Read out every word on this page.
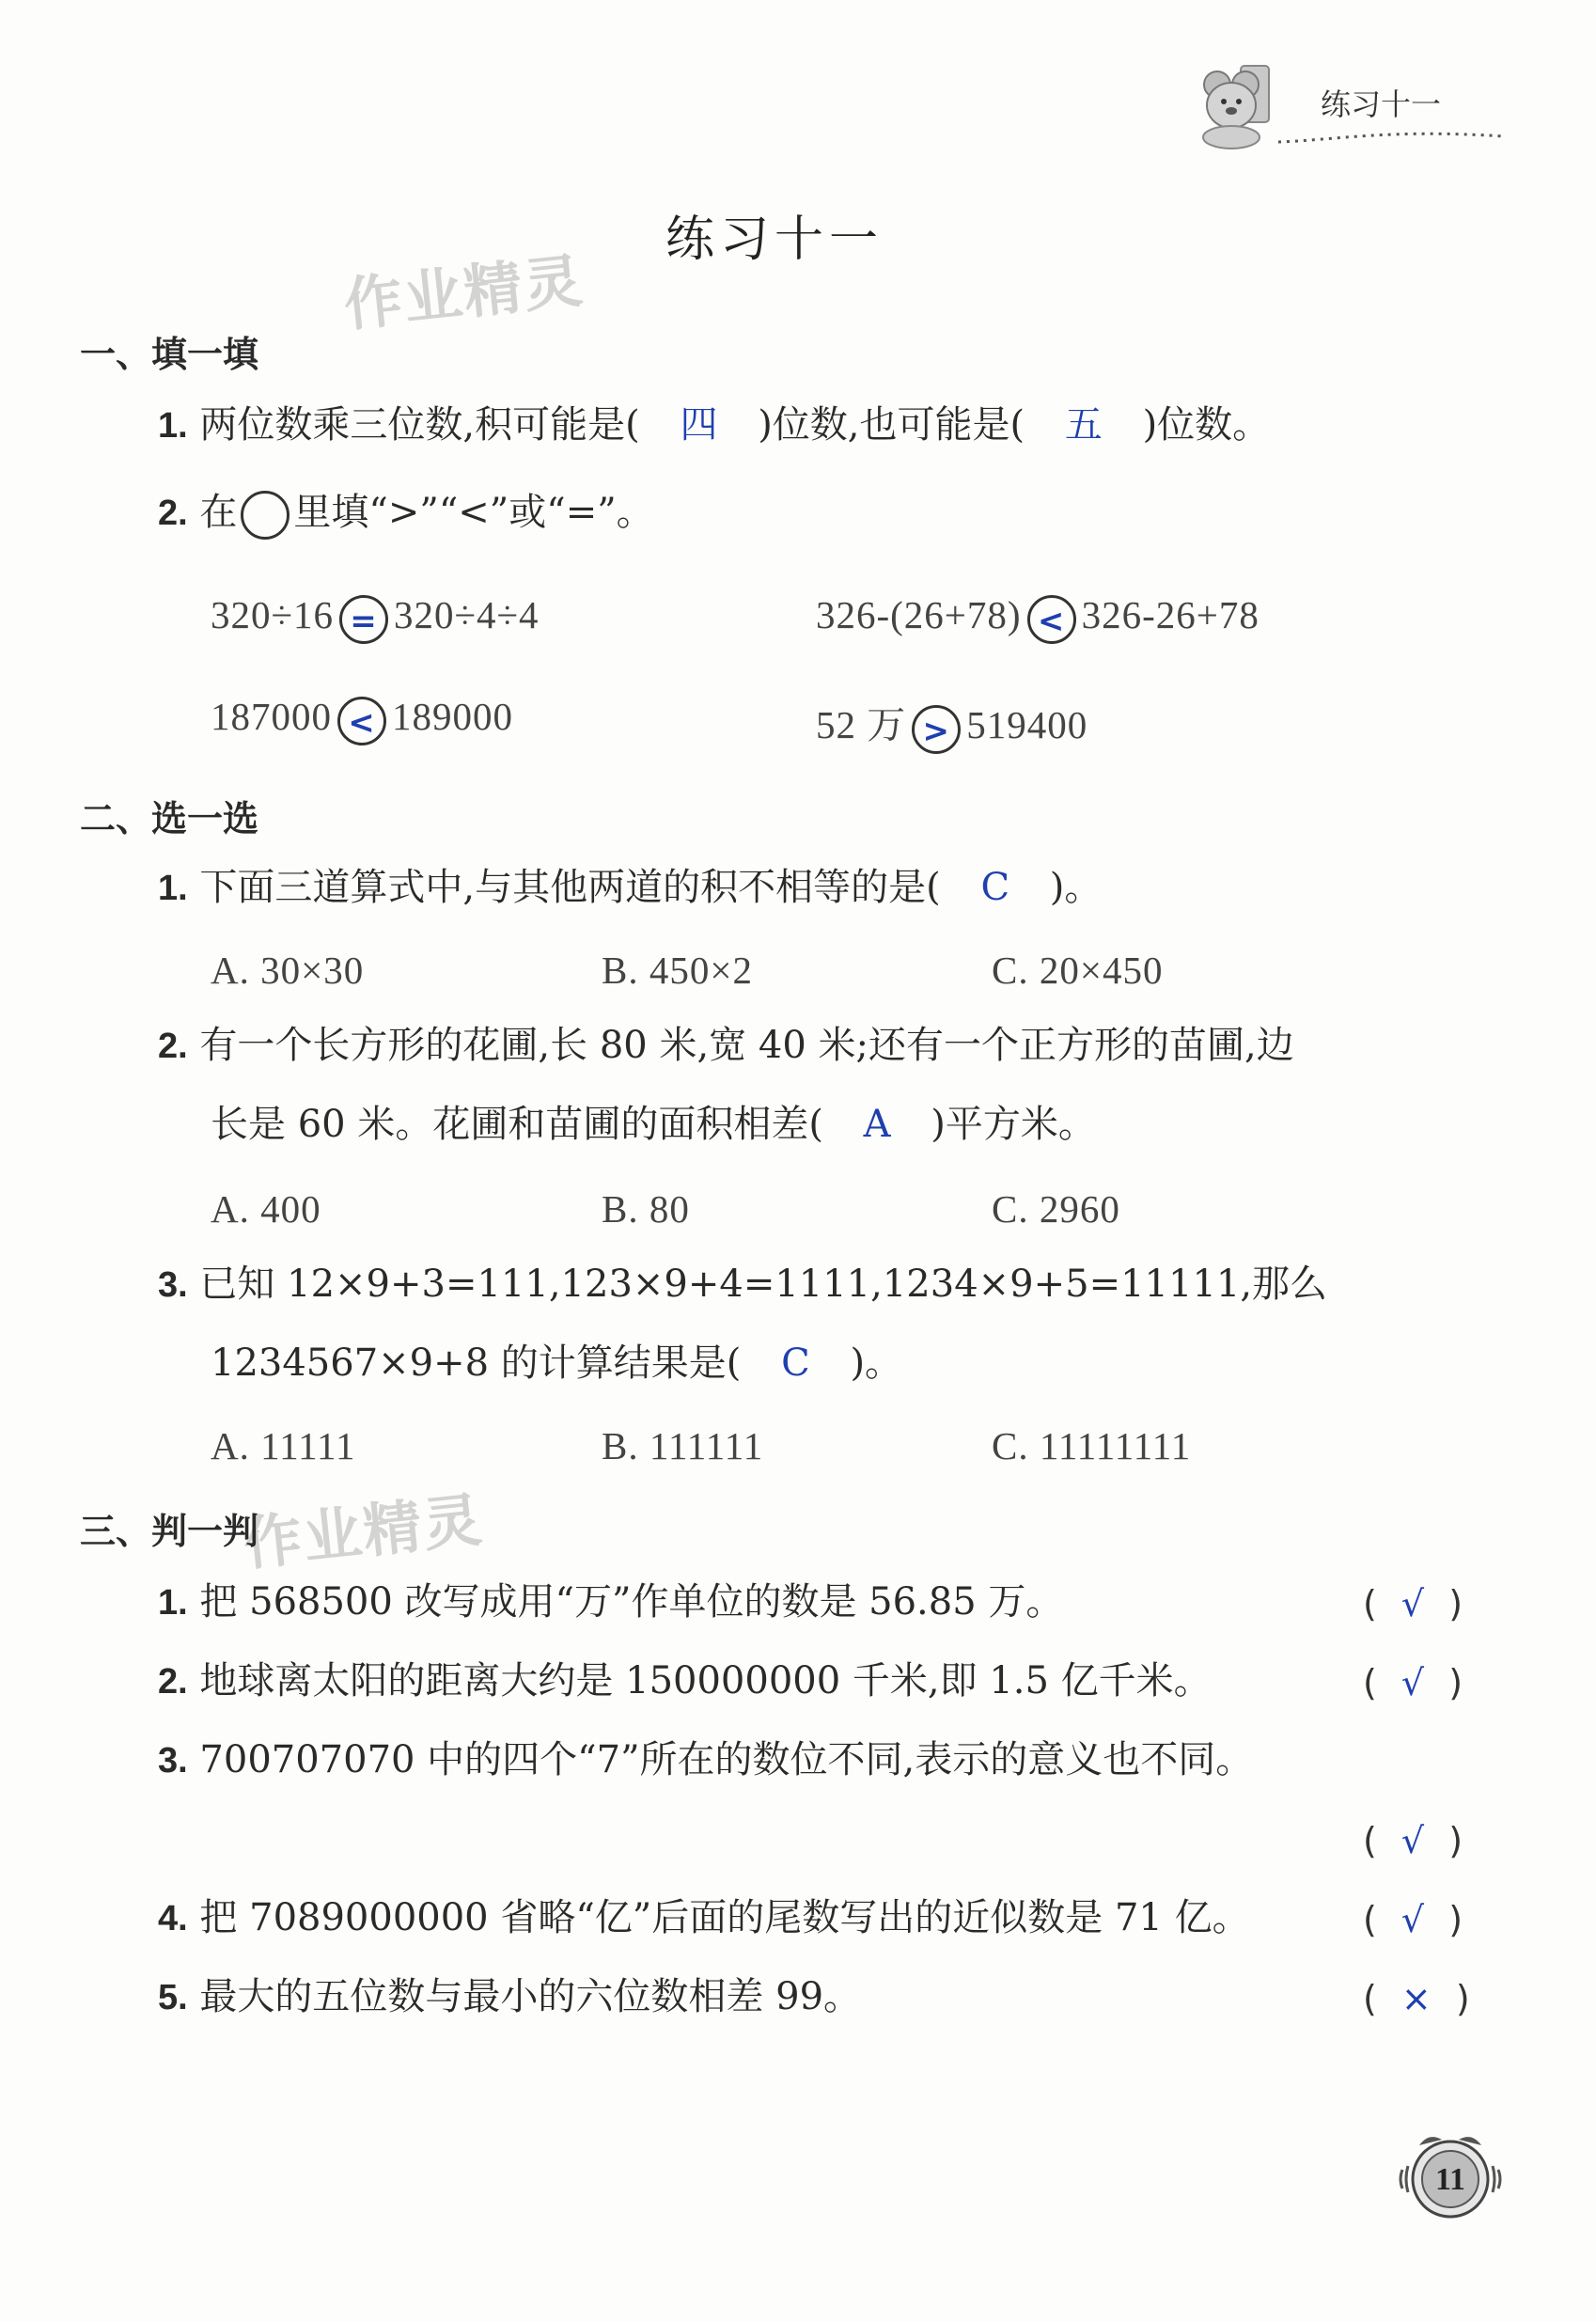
练习十一
练习十一
作业精灵
作业精灵
一、填一填
1. 两位数乘三位数,积可能是( 四 )位数,也可能是( 五 )位数。
2. 在 里填“>”“<”或“=”。
320÷16 = 320÷4÷4	326-(26+78) < 326-26+78
187000 < 189000	52 万 > 519400
二、选一选
1. 下面三道算式中,与其他两道的积不相等的是( C )。
A. 30×30	B. 450×2	C. 20×450
2. 有一个长方形的花圃,长 80 米,宽 40 米;还有一个正方形的苗圃,边
长是 60 米。花圃和苗圃的面积相差( A )平方米。
A. 400	B. 80	C. 2960
3. 已知 12×9+3=111,123×9+4=1111,1234×9+5=11111,那么
1234567×9+8 的计算结果是( C )。
A. 11111	B. 111111	C. 11111111
三、判一判
1. 把 568500 改写成用“万”作单位的数是 56.85 万。	( √ )
2. 地球离太阳的距离大约是 150000000 千米,即 1.5 亿千米。	( √ )
3. 700707070 中的四个“7”所在的数位不同,表示的意义也不同。
( √ )
4. 把 7089000000 省略“亿”后面的尾数写出的近似数是 71 亿。	( √ )
5. 最大的五位数与最小的六位数相差 99。	( × )
11
